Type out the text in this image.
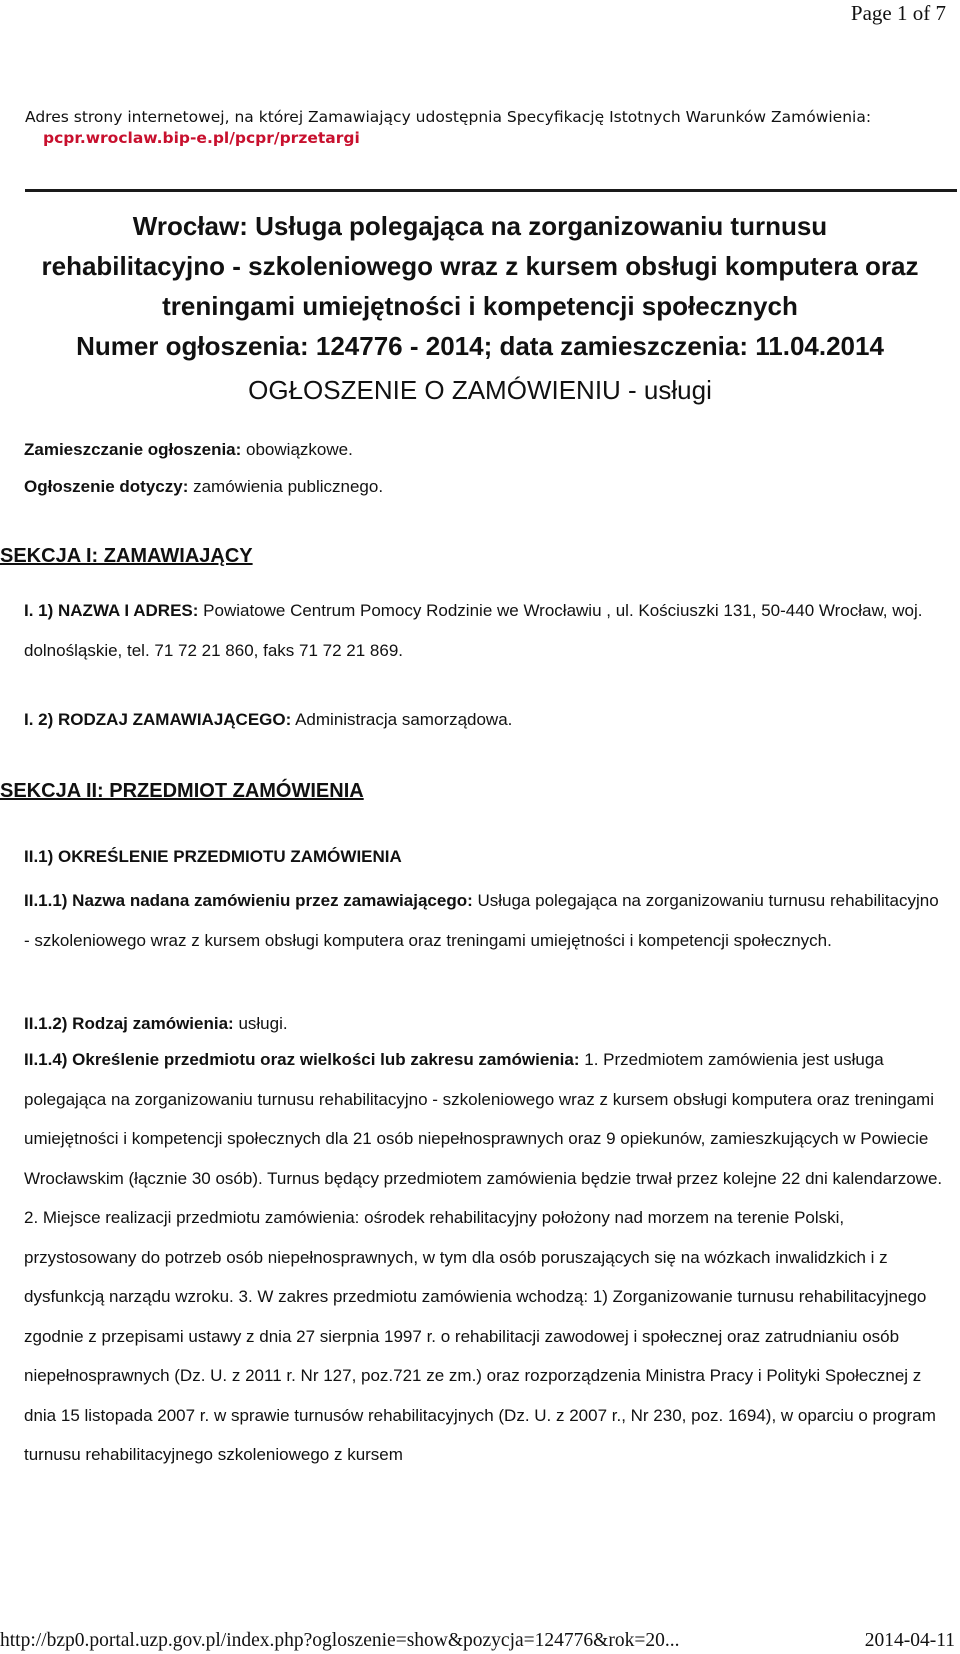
Page 1 of 7
Adres strony internetowej, na której Zamawiający udostępnia Specyfikację Istotnych Warunków Zamówienia:
pcpr.wroclaw.bip-e.pl/pcpr/przetargi
Wrocław: Usługa polegająca na zorganizowaniu turnusu
rehabilitacyjno - szkoleniowego wraz z kursem obsługi komputera oraz
treningami umiejętności i kompetencji społecznych
Numer ogłoszenia: 124776 - 2014; data zamieszczenia: 11.04.2014
OGŁOSZENIE O ZAMÓWIENIU - usługi
Zamieszczanie ogłoszenia: obowiązkowe.
Ogłoszenie dotyczy: zamówienia publicznego.
SEKCJA I: ZAMAWIAJĄCY
I. 1) NAZWA I ADRES: Powiatowe Centrum Pomocy Rodzinie we Wrocławiu , ul. Kościuszki 131, 50-440 Wrocław, woj. dolnośląskie, tel. 71 72 21 860, faks 71 72 21 869.
I. 2) RODZAJ ZAMAWIAJĄCEGO: Administracja samorządowa.
SEKCJA II: PRZEDMIOT ZAMÓWIENIA
II.1) OKREŚLENIE PRZEDMIOTU ZAMÓWIENIA
II.1.1) Nazwa nadana zamówieniu przez zamawiającego: Usługa polegająca na zorganizowaniu turnusu rehabilitacyjno - szkoleniowego wraz z kursem obsługi komputera oraz treningami umiejętności i kompetencji społecznych.
II.1.2) Rodzaj zamówienia: usługi.
II.1.4) Określenie przedmiotu oraz wielkości lub zakresu zamówienia: 1. Przedmiotem zamówienia jest usługa polegająca na zorganizowaniu turnusu rehabilitacyjno - szkoleniowego wraz z kursem obsługi komputera oraz treningami umiejętności i kompetencji społecznych dla 21 osób niepełnosprawnych oraz 9 opiekunów, zamieszkujących w Powiecie Wrocławskim (łącznie 30 osób). Turnus będący przedmiotem zamówienia będzie trwał przez kolejne 22 dni kalendarzowe. 2. Miejsce realizacji przedmiotu zamówienia: ośrodek rehabilitacyjny położony nad morzem na terenie Polski, przystosowany do potrzeb osób niepełnosprawnych, w tym dla osób poruszających się na wózkach inwalidzkich i z dysfunkcją narządu wzroku. 3. W zakres przedmiotu zamówienia wchodzą: 1) Zorganizowanie turnusu rehabilitacyjnego zgodnie z przepisami ustawy z dnia 27 sierpnia 1997 r. o rehabilitacji zawodowej i społecznej oraz zatrudnianiu osób niepełnosprawnych (Dz. U. z 2011 r. Nr 127, poz.721 ze zm.) oraz rozporządzenia Ministra Pracy i Polityki Społecznej z dnia 15 listopada 2007 r. w sprawie turnusów rehabilitacyjnych (Dz. U. z 2007 r., Nr 230, poz. 1694), w oparciu o program turnusu rehabilitacyjnego szkoleniowego z kursem
http://bzp0.portal.uzp.gov.pl/index.php?ogloszenie=show&pozycja=124776&rok=20...	2014-04-11
